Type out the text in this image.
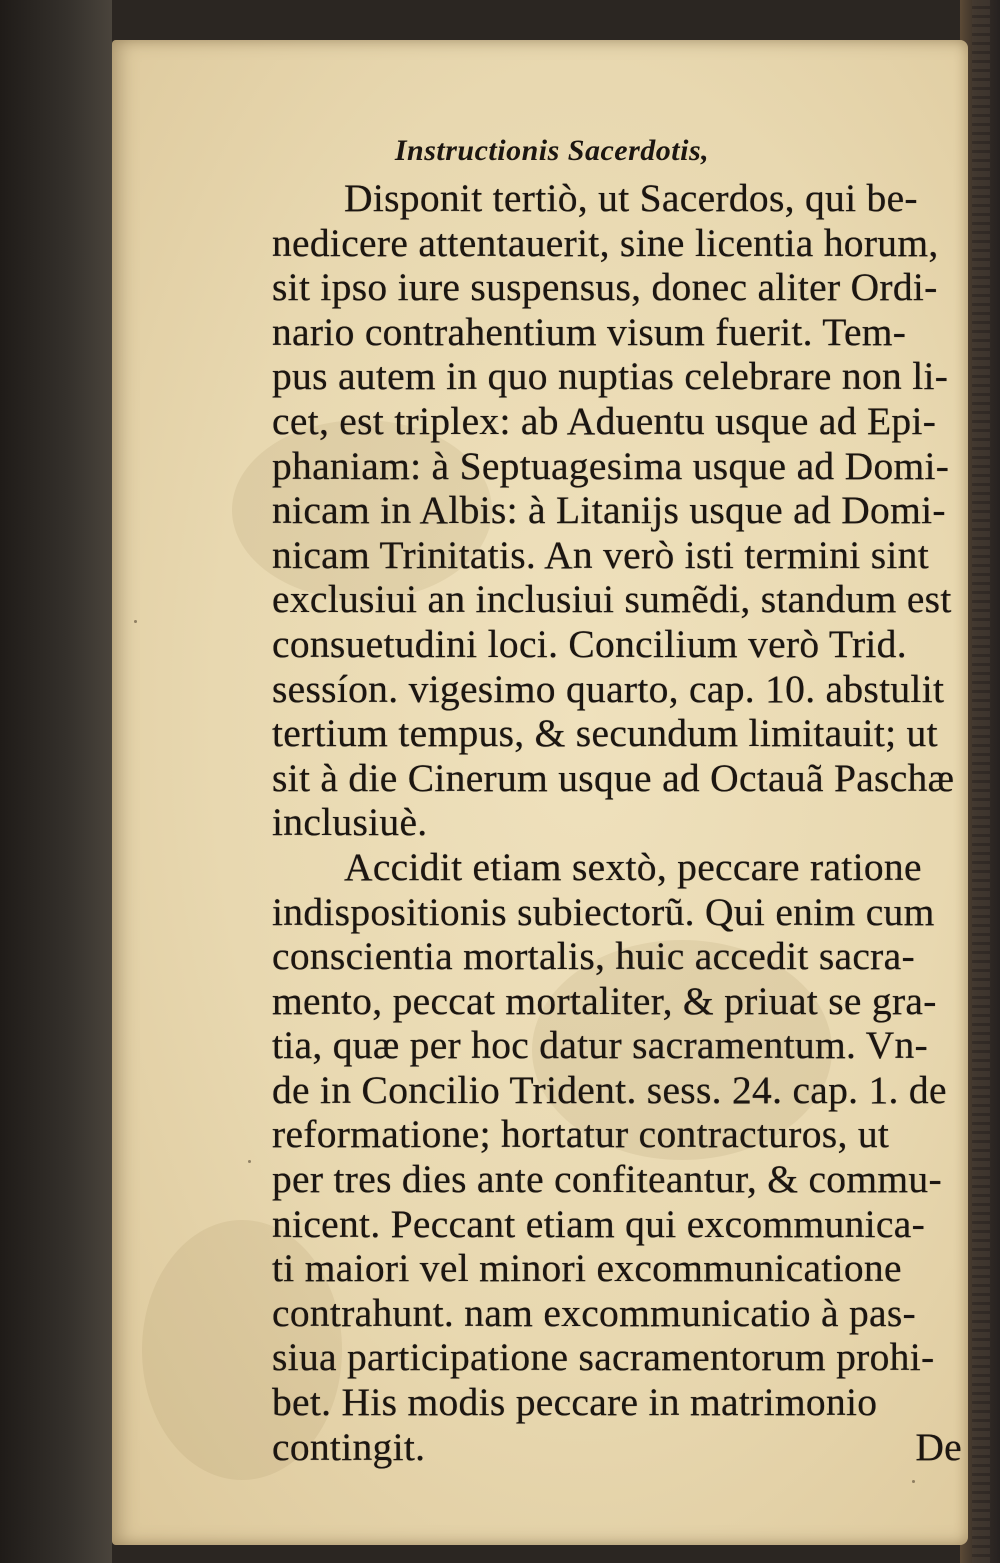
Instructionis Sacerdotis,
Disponit tertiò, ut Sacerdos, qui be-
nedicere attentauerit, sine licentia horum,
sit ipso iure suspensus, donec aliter Ordi-
nario contrahentium visum fuerit. Tem-
pus autem in quo nuptias celebrare non li-
cet, est triplex: ab Aduentu usque ad Epi-
phaniam: à Septuagesima usque ad Domi-
nicam in Albis: à Litanijs usque ad Domi-
nicam Trinitatis. An verò isti termini sint
exclusiui an inclusiui sumẽdi, standum est
consuetudini loci. Concilium verò Trid.
sessíon. vigesimo quarto, cap. 10. abstulit
tertium tempus, & secundum limitauit; ut
sit à die Cinerum usque ad Octauã Paschæ
inclusiuè.
Accidit etiam sextò, peccare ratione
indispositionis subiectorũ. Qui enim cum
conscientia mortalis, huic accedit sacra-
mento, peccat mortaliter, & priuat se gra-
tia, quæ per hoc datur sacramentum. Vn-
de in Concilio Trident. sess. 24. cap. 1. de
reformatione; hortatur contracturos, ut
per tres dies ante confiteantur, & commu-
nicent. Peccant etiam qui excommunica-
ti maiori vel minori excommunicatione
contrahunt. nam excommunicatio à pas-
siua participatione sacramentorum prohi-
bet. His modis peccare in matrimonio
contingit.	De
